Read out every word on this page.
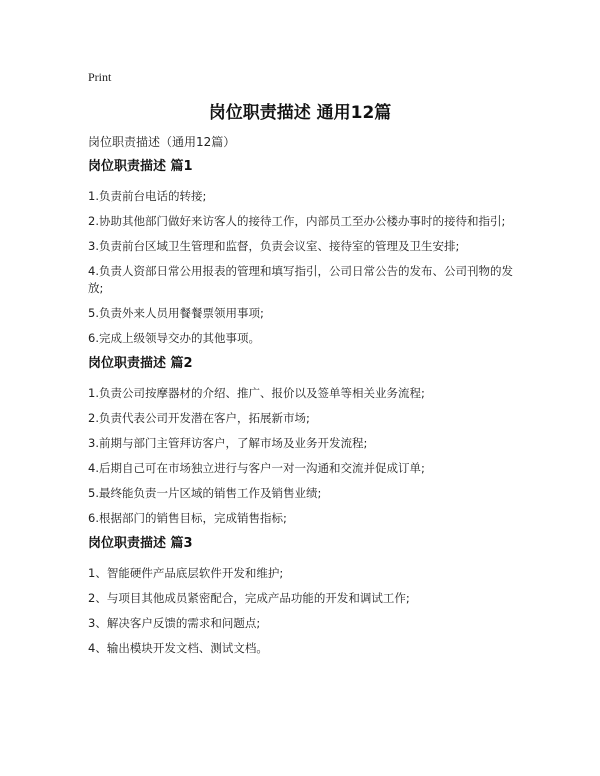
Print
岗位职责描述 通用12篇
岗位职责描述（通用12篇）
岗位职责描述 篇1
1.负责前台电话的转接;
2.协助其他部门做好来访客人的接待工作，内部员工至办公楼办事时的接待和指引;
3.负责前台区域卫生管理和监督，负责会议室、接待室的管理及卫生安排;
4.负责人资部日常公用报表的管理和填写指引，公司日常公告的发布、公司刊物的发放;
5.负责外来人员用餐餐票领用事项;
6.完成上级领导交办的其他事项。
岗位职责描述 篇2
1.负责公司按摩器材的介绍、推广、报价以及签单等相关业务流程;
2.负责代表公司开发潜在客户，拓展新市场;
3.前期与部门主管拜访客户，了解市场及业务开发流程;
4.后期自己可在市场独立进行与客户一对一沟通和交流并促成订单;
5.最终能负责一片区域的销售工作及销售业绩;
6.根据部门的销售目标，完成销售指标;
岗位职责描述 篇3
1、智能硬件产品底层软件开发和维护;
2、与项目其他成员紧密配合，完成产品功能的开发和调试工作;
3、解决客户反馈的需求和问题点;
4、输出模块开发文档、测试文档。
